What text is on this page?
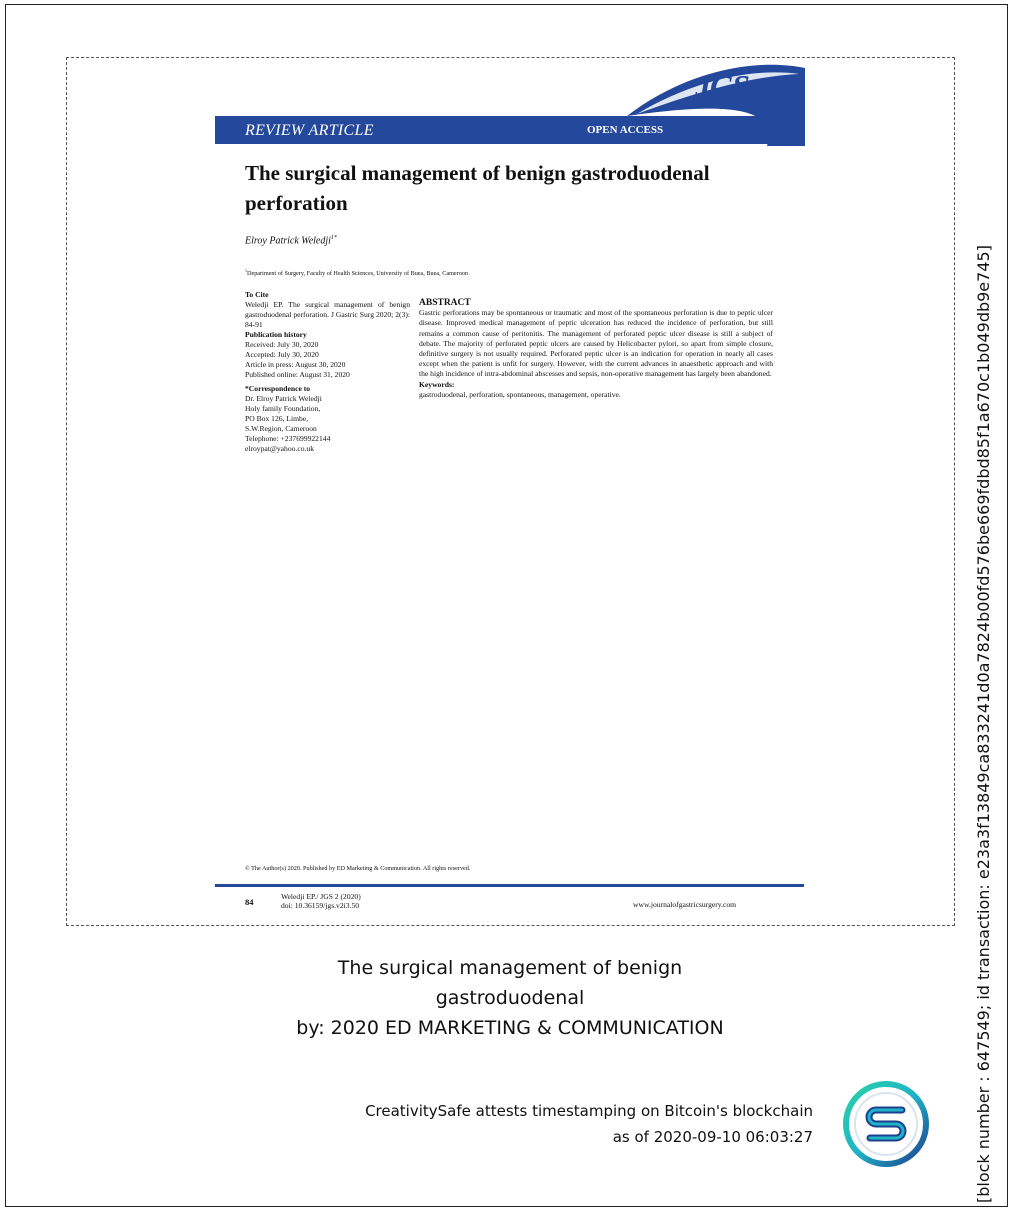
REVIEW ARTICLE	OPEN ACCESS
JGS
The surgical management of benign gastroduodenal
perforation
Elroy Patrick Weledji$^{1*}$
$^1$Department of Surgery, Faculty of Health Sciences, University of Buea, Buea, Cameroon

To Cite

Weledji EP. The surgical management of benign gastroduodenal perforation. J Gastric Surg 2020; 2(3): 84-91

Publication history

Received: July 30, 2020

Accepted: July 30, 2020

Article in press: August 30, 2020

Published online: August 31, 2020

*Correspondence to

Dr. Elroy Patrick Weledji

Holy family Foundation,

PO Box 126, Limbe,

S.W.Region, Cameroon

Telephone: +237699922144

elroypat@yahoo.co.uk

ABSTRACT

Gastric perforations may be spontaneous or traumatic and most of the spontaneous perforation is due to peptic ulcer disease. Improved medical management of peptic ulceration has reduced the incidence of perforation, but still remains a common cause of peritonitis. The management of perforated peptic ulcer disease is still a subject of debate. The majority of perforated peptic ulcers are caused by Helicobacter pylori, so apart from simple closure, definitive surgery is not usually required. Perforated peptic ulcer is an indication for operation in nearly all cases except when the patient is unfit for surgery. However, with the current advances in anaesthetic approach and with the high incidence of intra-abdominal abscesses and sepsis, non-operative management has largely been abandoned.

Keywords:

gastroduodenal, perforation, spontaneous, management, operative.

© The Author(s) 2020. Published by ED Marketing & Communication. All rights reserved.
84
Weledji EP./ JGS 2 (2020)
doi: 10.36159/jgs.v2i3.50	www.journalofgastricsurgery.com
The surgical management of benign
gastroduodenal
by: 2020 ED MARKETING & COMMUNICATION
CreativitySafe attests timestamping on Bitcoin's blockchain
as of 2020-09-10 06:03:27	[block number : 647549; id transaction: e23a3f13849ca833241d0a7824b00fd576be669fdbd85f1a670c1b049db9e745]
